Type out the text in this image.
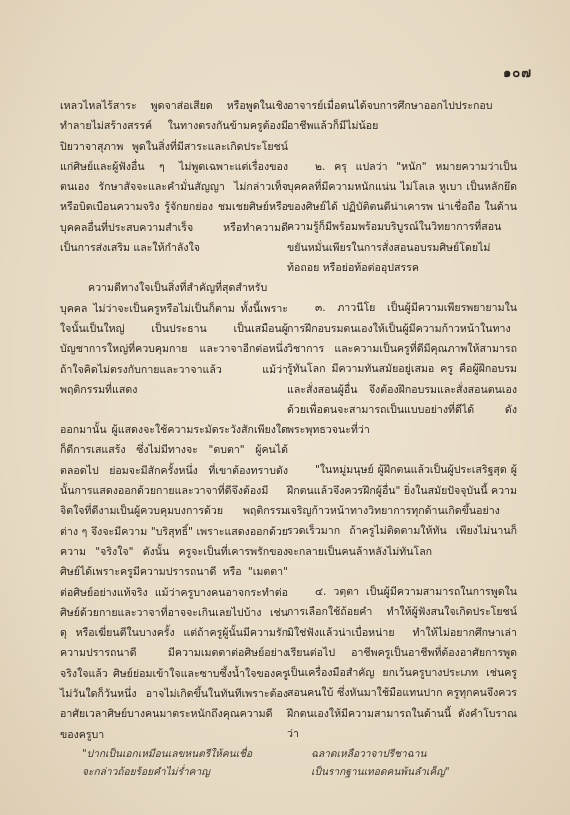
๑๐๗

เหลวไหลไร้สาระ พูดจาส่อเสียด หรือพูดในเชิงทำลายไม่สร้างสรรค์ ในทางตรงกันข้ามครูต้องมีปิยวาจาสุภาพ พูดในสิ่งที่มีสาระและเกิดประโยชน์แก่ศิษย์และผู้ฟังอื่น ๆ ไม่พูดเฉพาะแต่เรื่องของตนเอง รักษาสัจจะและคำมั่นสัญญา ไม่กล่าวเท็จหรือบิดเบือนความจริง รู้จักยกย่อง ชมเชยศิษย์หรือบุคคลอื่นที่ประสบความสำเร็จ หรือทำความดีเป็นการส่งเสริม และให้กำลังใจ

ความดีทางใจเป็นสิ่งที่สำคัญที่สุดสำหรับบุคคล ไม่ว่าจะเป็นครูหรือไม่เป็นก็ตาม ทั้งนี้เพราะใจนั้นเป็นใหญ่ เป็นประธาน เป็นเสมือนผู้บัญชาการใหญ่ที่ควบคุมกาย และวาจาอีกต่อหนึ่ง ถ้าใจคิดไม่ตรงกับกายและวาจาแล้ว แม้ว่าพฤติกรรมที่แสดง

ออกมานั้น ผู้แสดงจะใช้ความระมัดระวังสักเพียงใดก็ดีการเสแสร้ง ซึ่งไม่มีทางจะ "ตบตา" ผู้คนได้ตลอดไป ย่อมจะมีสักครั้งหนึ่ง ที่เขาต้องทราบดังนั้นการแสดงออกด้วยกายและวาจาที่ดีจึงต้องมีจิตใจที่ดีงามเป็นผู้ควบคุมบงการด้วย พฤติกรรมต่าง ๆ จึงจะมีความ "บริสุทธิ์" เพราะแสดงออกด้วยความ "จริงใจ" ดังนั้น ครูจะเป็นที่เคารพรักของศิษย์ได้เพราะครูมีความปรารถนาดี หรือ "เมตตา" ต่อศิษย์อย่างแท้จริง แม้ว่าครูบางคนอาจกระทำต่อศิษย์ด้วยกายและวาจาที่อาจจะเกินเลยไปบ้าง เช่นดุ หรือเฆี่ยนตีในบางครั้ง แต่ถ้าครูผู้นั้นมีความรักความปรารถนาดี มีความเมตตาต่อศิษย์อย่างจริงใจแล้ว ศิษย์ย่อมเข้าใจและซาบซึ้งน้ำใจของครูไม่วันใดก็วันหนึ่ง อาจไม่เกิดขึ้นในทันทีเพราะต้องอาศัยเวลาศิษย์บางคนมาตระหนักถึงคุณความดีของครูบา

อาจารย์เมื่อตนได้จบการศึกษาออกไปประกอบอาชีพแล้วก็มีไม่น้อย

๒. ครุ แปลว่า "หนัก" หมายความว่าเป็นบุคคลที่มีความหนักแน่น ไม่โลเล หูเบา เป็นหลักยึดของศิษย์ได้ ปฏิบัติตนดีน่าเคารพ น่าเชื่อถือ ในด้านความรู้ก็มีพร้อมพร้อมบริบูรณ์ในวิทยาการที่สอนขยันหมั่นเพียรในการสั่งสอนอบรมศิษย์โดยไม่ท้อถอย หรือย่อท้อต่ออุปสรรค

๓. ภาวนีโย เป็นผู้มีความเพียรพยายามในการฝึกอบรมตนเองให้เป็นผู้มีความก้าวหน้าในทางวิชาการ และความเป็นครูที่ดีมีคุณภาพให้สามารถรู้ทันโลก มีความทันสมัยอยู่เสมอ ครู คือผู้ฝึกอบรมและสั่งสอนผู้อื่น จึงต้องฝึกอบรมและสั่งสอนตนเองด้วยเพื่อตนจะสามารถเป็นแบบอย่างที่ดีได้ ดังพระพุทธวจนะที่ว่า

"ในหมู่มนุษย์ ผู้ฝึกตนแล้วเป็นผู้ประเสริฐสุด ผู้ฝึกตนแล้วจึงควรฝึกผู้อื่น" ยิ่งในสมัยปัจจุบันนี้ ความเจริญก้าวหน้าทางวิทยาการทุกด้านเกิดขึ้นอย่างรวดเร็วมาก ถ้าครูไม่ติดตามให้ทัน เพียงไม่นานก็จะกลายเป็นคนล้าหลังไม่ทันโลก

๔. วตฺตา เป็นผู้มีความสามารถในการพูดในการเลือกใช้ถ้อยคำ ทำให้ผู้ฟังสนใจเกิดประโยชน์มิใช่ฟังแล้วน่าเบื่อหน่าย ทำให้ไม่อยากศึกษาเล่าเรียนต่อไป อาชีพครูเป็นอาชีพที่ต้องอาศัยการพูดเป็นเครื่องมือสำคัญ ยกเว้นครูบางประเภท เช่นครูสอนคนใบ้ ซึ่งหันมาใช้มือแทนปาก ครูทุกคนจึงควรฝึกตนเองให้มีความสามารถในด้านนี้ ดังคำโบราณว่า

"ปากเป็นเอกเหมือนเลขหนตรีให้คนเชื่อ
จะกล่าวถ้อยร้อยคำไม่ร่ำคาญ
ฉลาดเหลือวาจาปรีชาฉาน
เป็นรากฐานเทอดคนพ้นลำเค็ญ"
